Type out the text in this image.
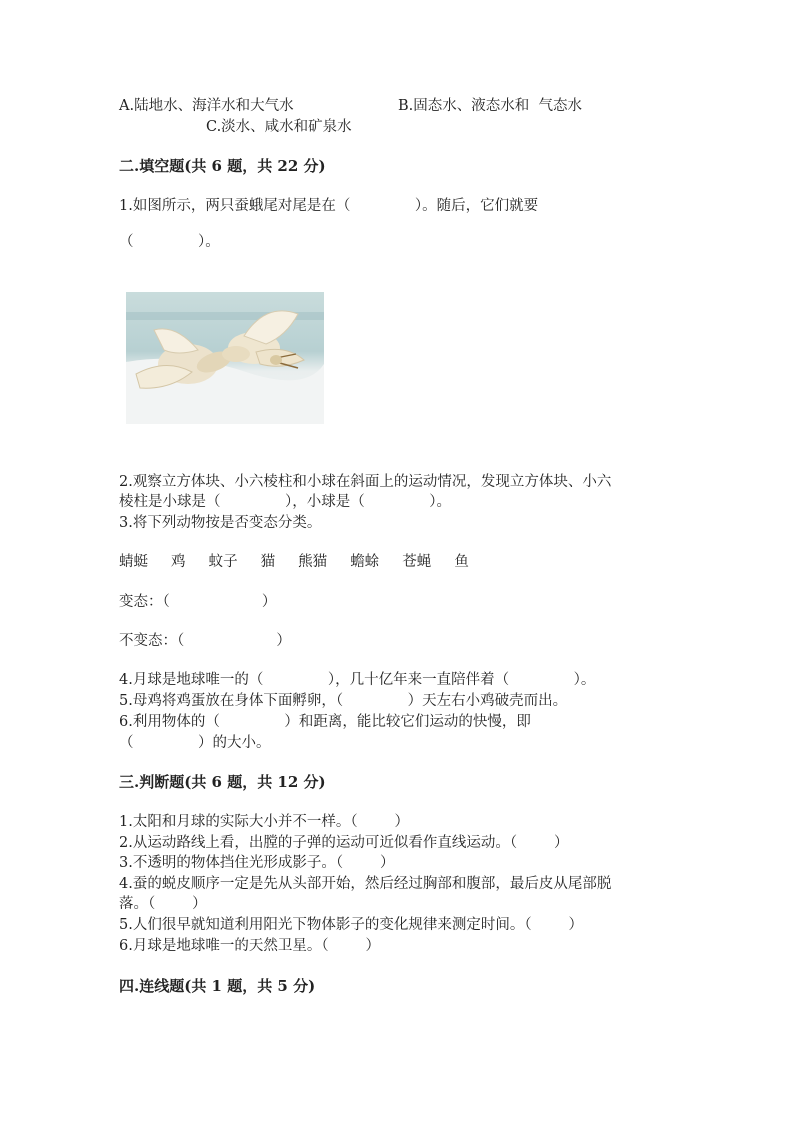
A.陆地水、海洋水和大气水	B.固态水、液态水和  气态水
C.淡水、咸水和矿泉水
二.填空题(共 6 题，共 22 分)
1.如图所示，两只蚕蛾尾对尾是在（              ）。随后，它们就要
（              ）。
2.观察立方体块、小六棱柱和小球在斜面上的运动情况，发现立方体块、小六
棱柱是小球是（              ），小球是（              ）。
3.将下列动物按是否变态分类。
蜻蜓     鸡     蚊子     猫     熊猫     蟾蜍     苍蝇     鱼
变态：（                    ）
不变态：（                    ）
4.月球是地球唯一的（              ），几十亿年来一直陪伴着（              ）。
5.母鸡将鸡蛋放在身体下面孵卵，（              ）天左右小鸡破壳而出。
6.利用物体的（              ）和距离，能比较它们运动的快慢，即
（              ）的大小。
三.判断题(共 6 题，共 12 分)
1.太阳和月球的实际大小并不一样。（        ）
2.从运动路线上看，出膛的子弹的运动可近似看作直线运动。（        ）
3.不透明的物体挡住光形成影子。（        ）
4.蚕的蜕皮顺序一定是先从头部开始，然后经过胸部和腹部，最后皮从尾部脱
落。（        ）
5.人们很早就知道利用阳光下物体影子的变化规律来测定时间。（        ）
6.月球是地球唯一的天然卫星。（        ）
四.连线题(共 1 题，共 5 分)
